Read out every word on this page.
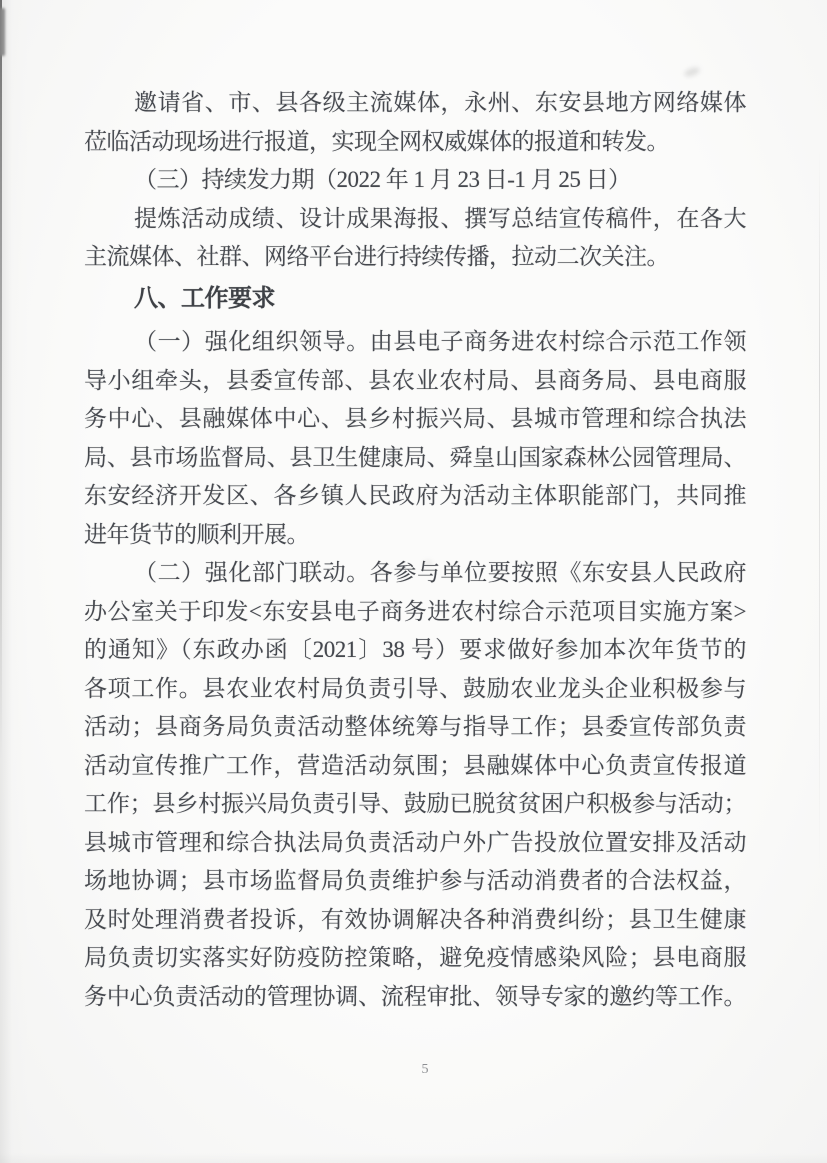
邀请省、市、县各级主流媒体，永州、东安县地方网络媒体
莅临活动现场进行报道，实现全网权威媒体的报道和转发。
（三）持续发力期（2022 年 1 月 23 日-1 月 25 日）
提炼活动成绩、设计成果海报、撰写总结宣传稿件，在各大
主流媒体、社群、网络平台进行持续传播，拉动二次关注。
八、工作要求
（一）强化组织领导。由县电子商务进农村综合示范工作领
导小组牵头，县委宣传部、县农业农村局、县商务局、县电商服
务中心、县融媒体中心、县乡村振兴局、县城市管理和综合执法
局、县市场监督局、县卫生健康局、舜皇山国家森林公园管理局、
东安经济开发区、各乡镇人民政府为活动主体职能部门，共同推
进年货节的顺利开展。
（二）强化部门联动。各参与单位要按照《东安县人民政府
办公室关于印发<东安县电子商务进农村综合示范项目实施方案>
的通知》（东政办函〔2021〕38 号）要求做好参加本次年货节的
各项工作。县农业农村局负责引导、鼓励农业龙头企业积极参与
活动；县商务局负责活动整体统筹与指导工作；县委宣传部负责
活动宣传推广工作，营造活动氛围；县融媒体中心负责宣传报道
工作；县乡村振兴局负责引导、鼓励已脱贫贫困户积极参与活动；
县城市管理和综合执法局负责活动户外广告投放位置安排及活动
场地协调；县市场监督局负责维护参与活动消费者的合法权益，
及时处理消费者投诉，有效协调解决各种消费纠纷；县卫生健康
局负责切实落实好防疫防控策略，避免疫情感染风险；县电商服
务中心负责活动的管理协调、流程审批、领导专家的邀约等工作。
5
